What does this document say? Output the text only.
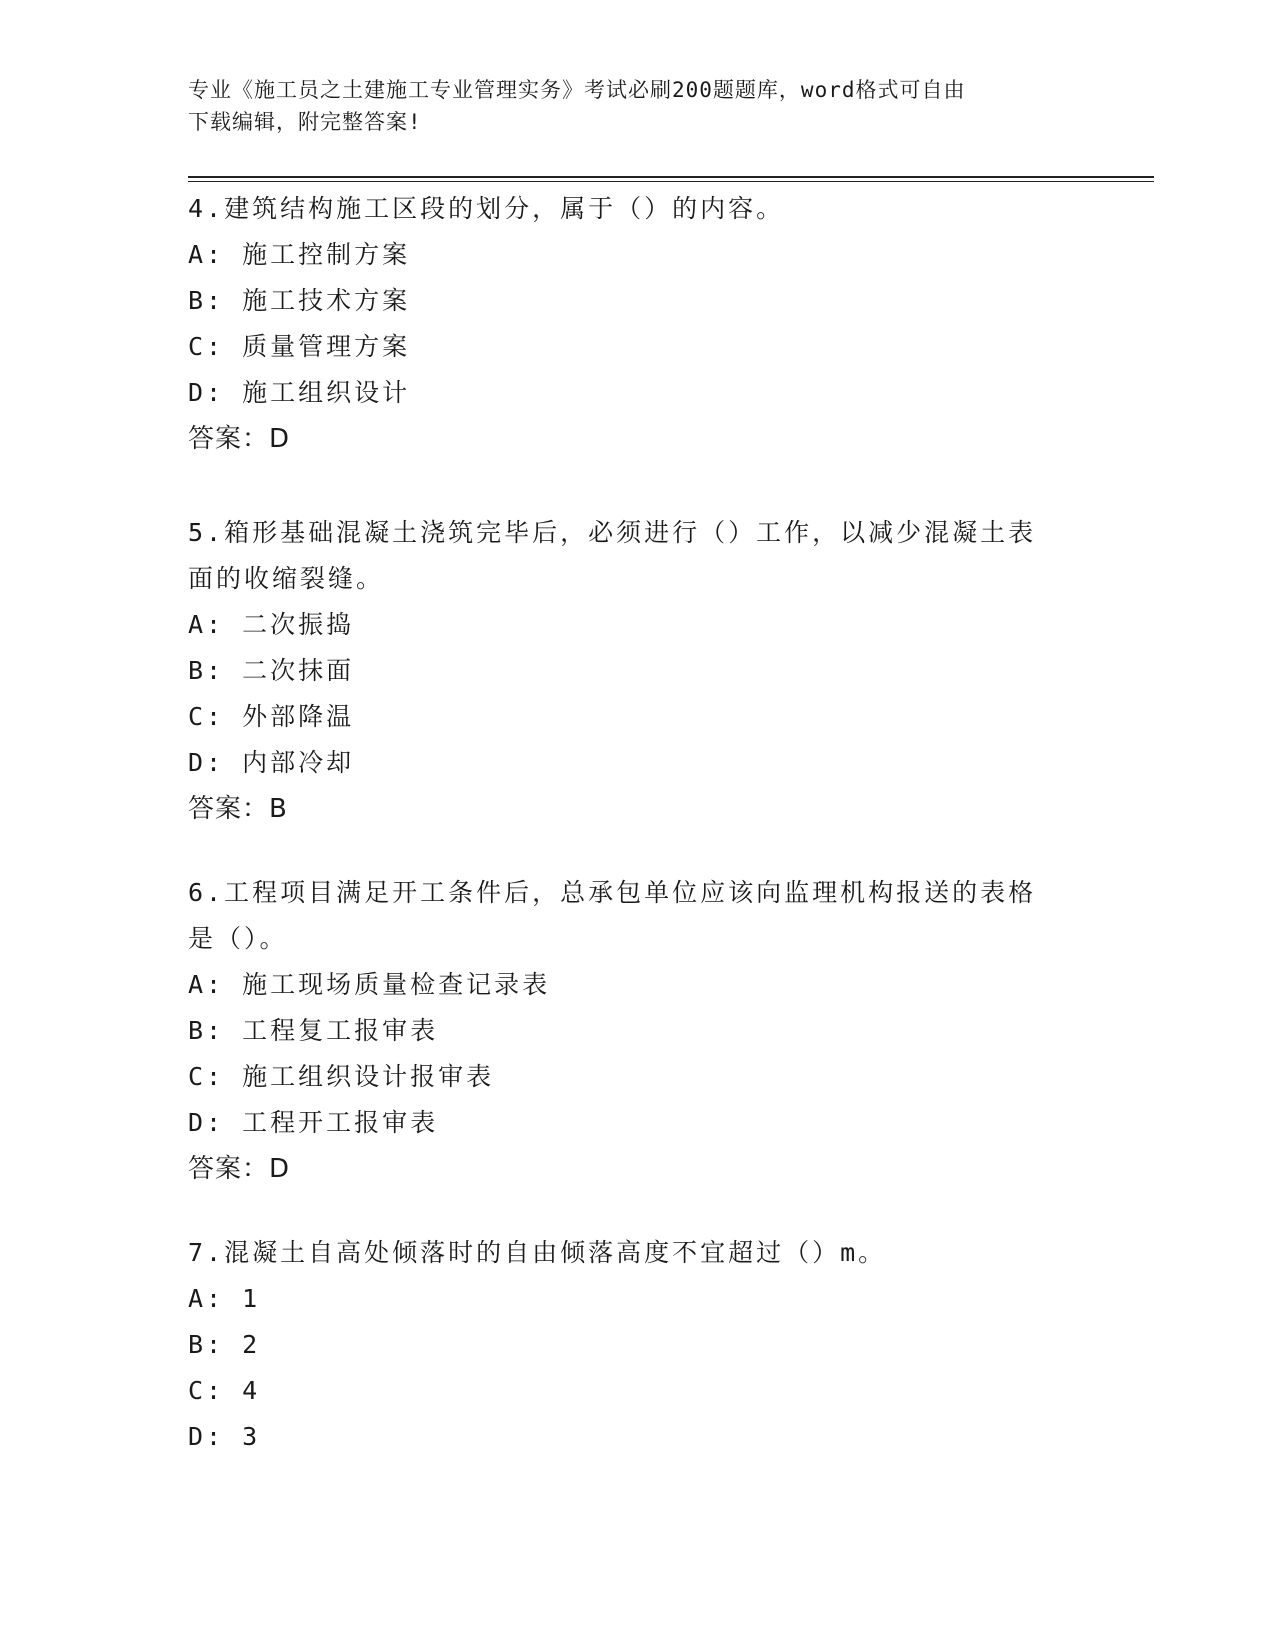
专业《施工员之土建施工专业管理实务》考试必刷200题题库，word格式可自由
下载编辑，附完整答案!
4.建筑结构施工区段的划分，属于（）的内容。
A: 施工控制方案
B: 施工技术方案
C: 质量管理方案
D: 施工组织设计
答案：D
5.箱形基础混凝土浇筑完毕后，必须进行（）工作，以减少混凝土表
面的收缩裂缝。
A: 二次振捣
B: 二次抹面
C: 外部降温
D: 内部冷却
答案：B
6.工程项目满足开工条件后，总承包单位应该向监理机构报送的表格
是（）。
A: 施工现场质量检查记录表
B: 工程复工报审表
C: 施工组织设计报审表
D: 工程开工报审表
答案：D
7.混凝土自高处倾落时的自由倾落高度不宜超过（）m。
A: 1
B: 2
C: 4
D: 3
